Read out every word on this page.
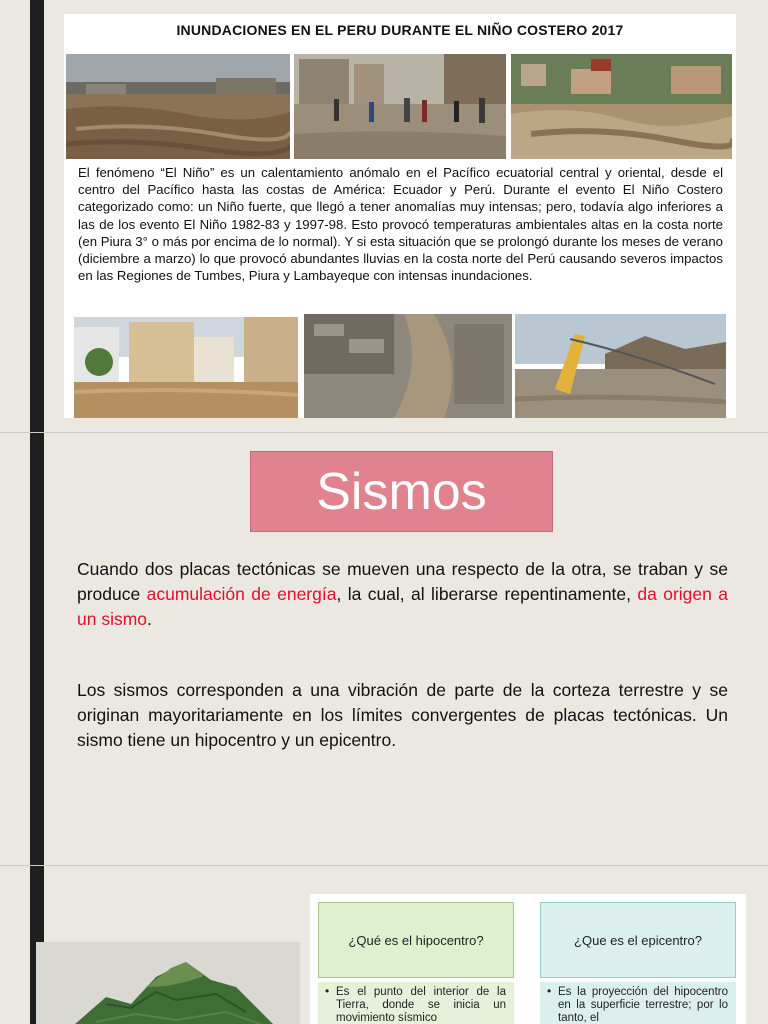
INUNDACIONES EN EL PERU DURANTE EL NIÑO COSTERO 2017
El fenómeno “El Niño” es un calentamiento anómalo en el Pacífico ecuatorial central y oriental, desde el centro del Pacífico hasta las costas de América: Ecuador y Perú. Durante el evento El Niño Costero categorizado como: un Niño fuerte, que llegó a tener anomalías muy intensas; pero, todavía algo inferiores a las de los evento El Niño 1982-83 y 1997-98. Esto provocó temperaturas ambientales altas en la costa norte (en Piura 3° o más por encima de lo normal). Y si esta situación que se prolongó durante los meses de verano (diciembre a marzo) lo que provocó abundantes lluvias en la costa norte del Perú causando severos impactos en las Regiones de Tumbes, Piura y Lambayeque con intensas inundaciones.
Sismos
Cuando dos placas tectónicas se mueven una respecto de la otra, se traban y se produce acumulación de energía, la cual, al liberarse repentinamente, da origen a un sismo.
Los sismos corresponden a una vibración de parte de la corteza terrestre y se originan mayoritariamente en los límites convergentes de placas tectónicas. Un sismo tiene un hipocentro y un epicentro.
¿Qué es el hipocentro?	¿Que es el epicentro?
• Es el punto del interior de la Tierra, donde se inicia un movimiento sísmico
• Es la proyección del hipocentro en la superficie terrestre; por lo tanto, el
